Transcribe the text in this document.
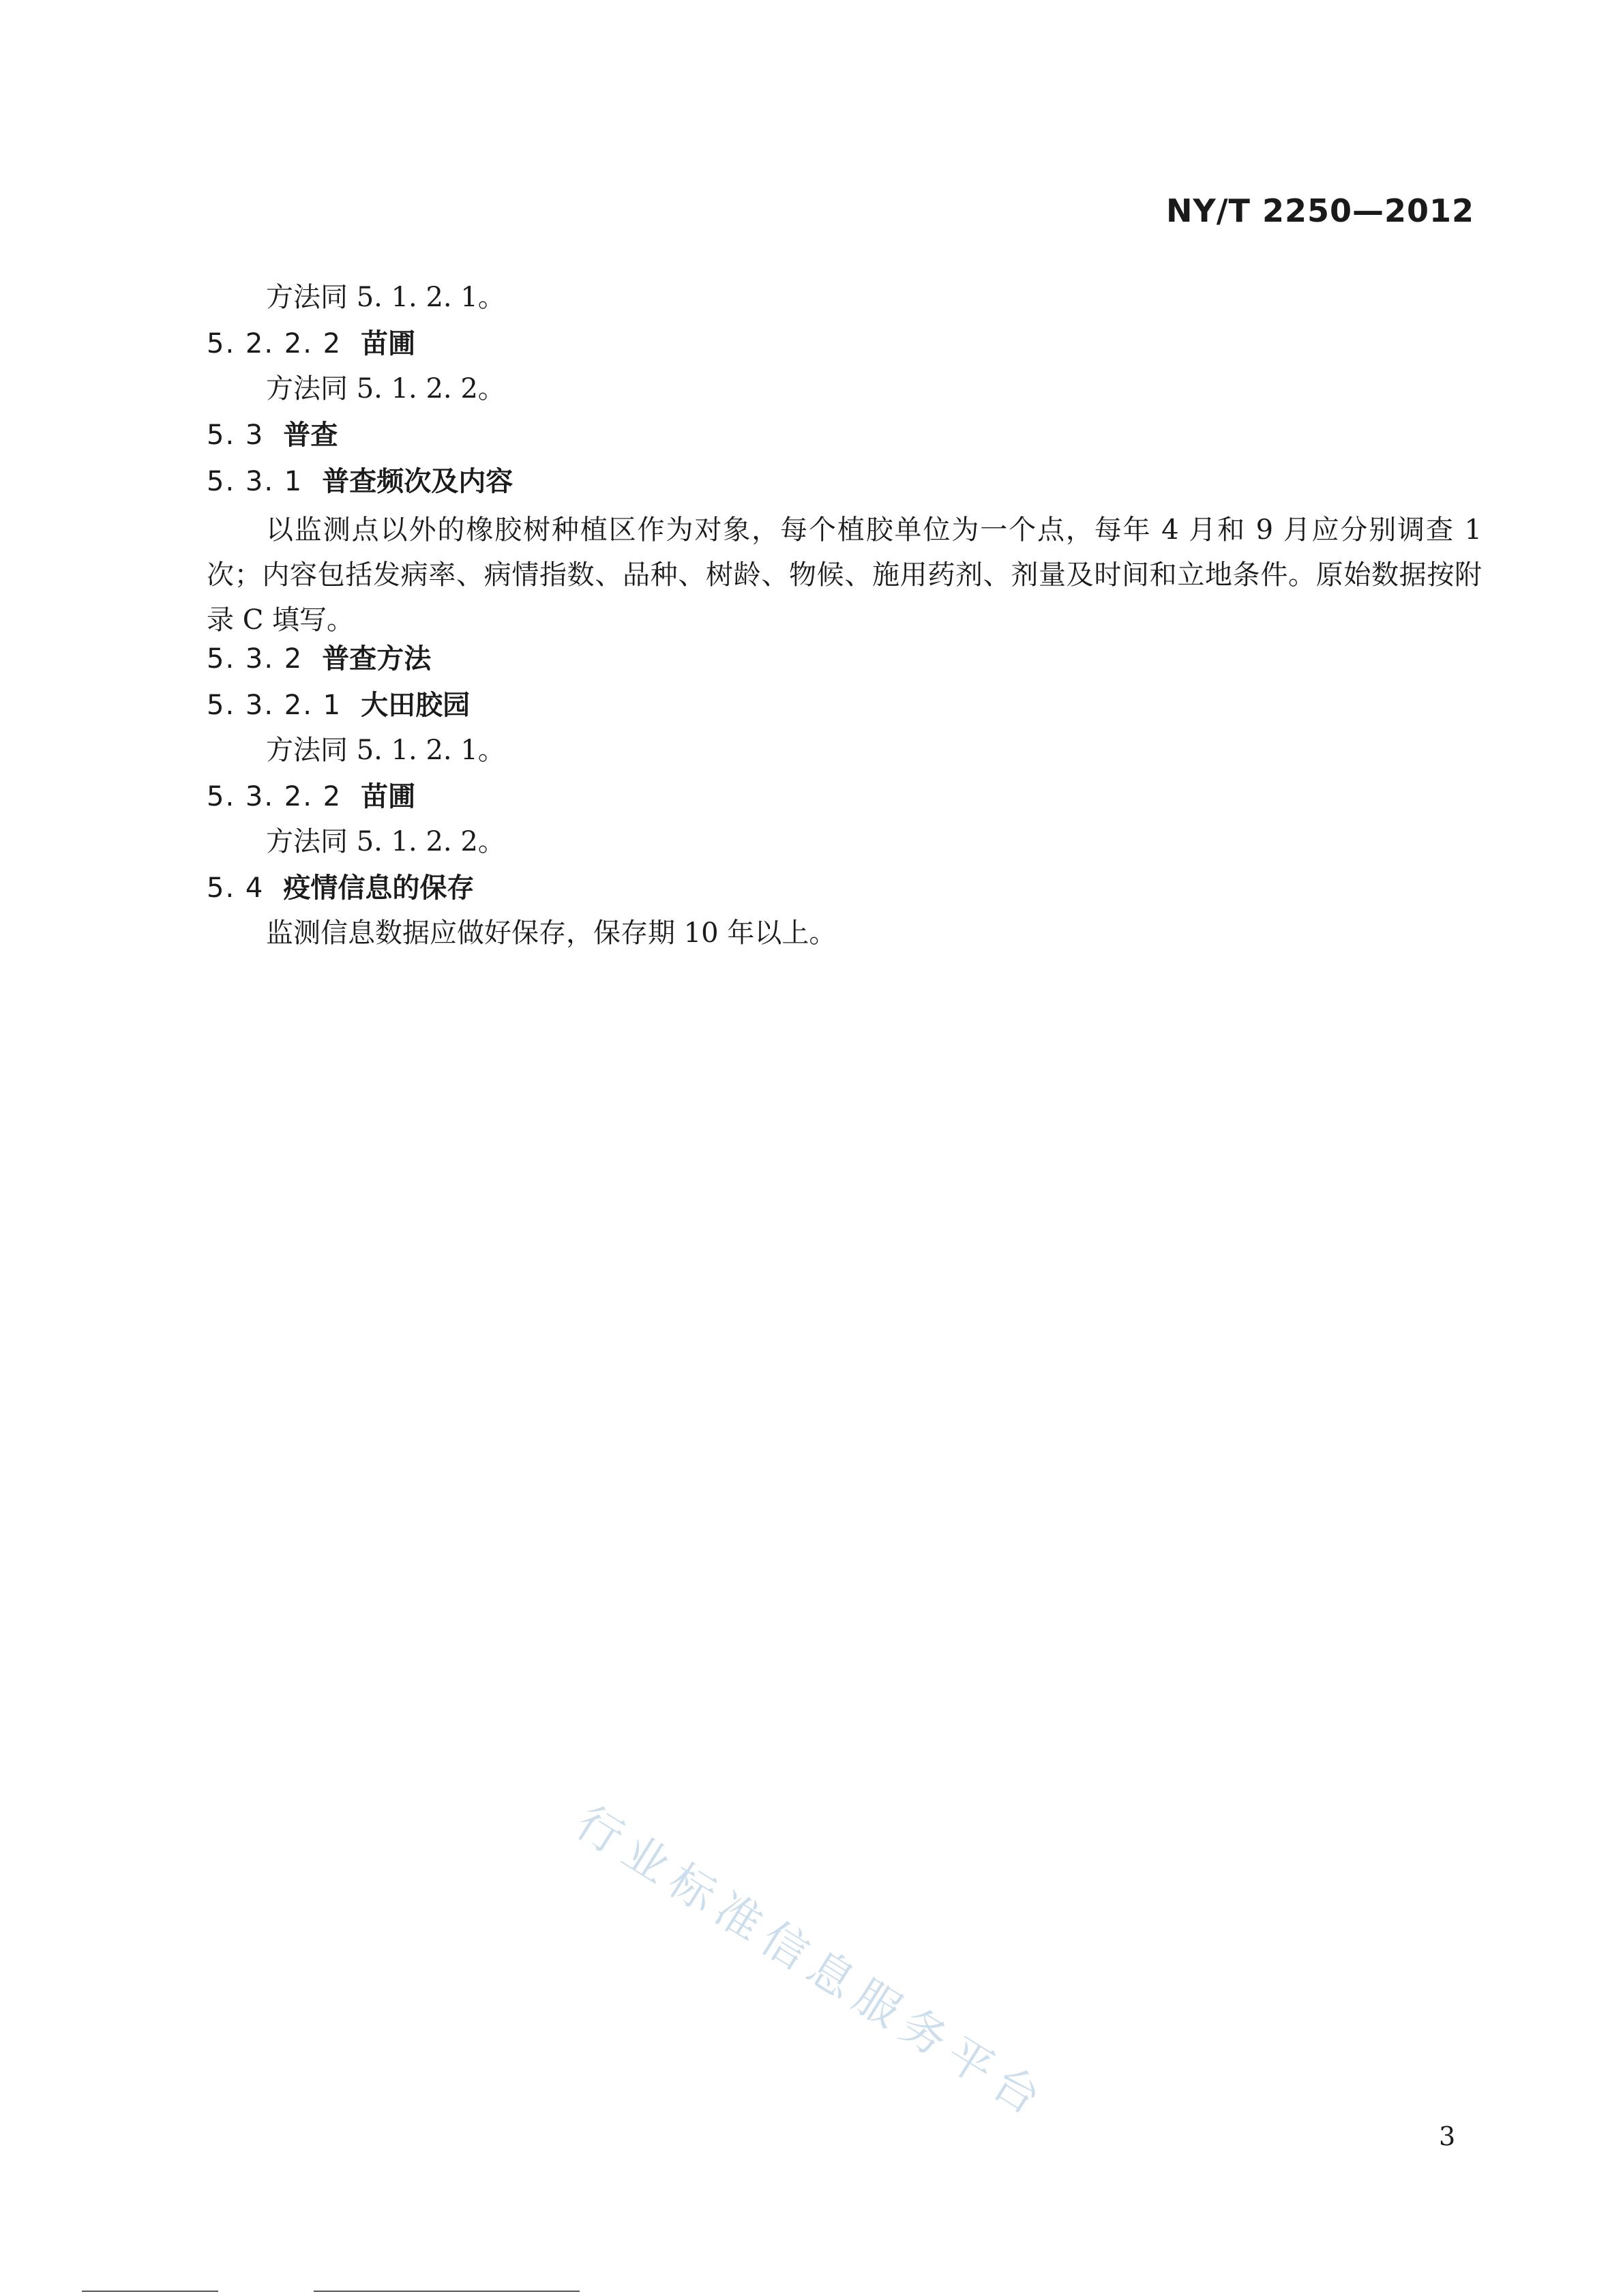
NY/T 2250—2012
方法同 5. 1. 2. 1。
5. 2. 2. 2 苗圃
方法同 5. 1. 2. 2。
5. 3 普查
5. 3. 1 普查频次及内容
以监测点以外的橡胶树种植区作为对象，每个植胶单位为一个点，每年 4 月和 9 月应分别调查 1 次；内容包括发病率、病情指数、品种、树龄、物候、施用药剂、剂量及时间和立地条件。原始数据按附录 C 填写。
5. 3. 2 普查方法
5. 3. 2. 1 大田胶园
方法同 5. 1. 2. 1。
5. 3. 2. 2 苗圃
方法同 5. 1. 2. 2。
5. 4 疫情信息的保存
监测信息数据应做好保存，保存期 10 年以上。
行业标准信息服务平台
3
